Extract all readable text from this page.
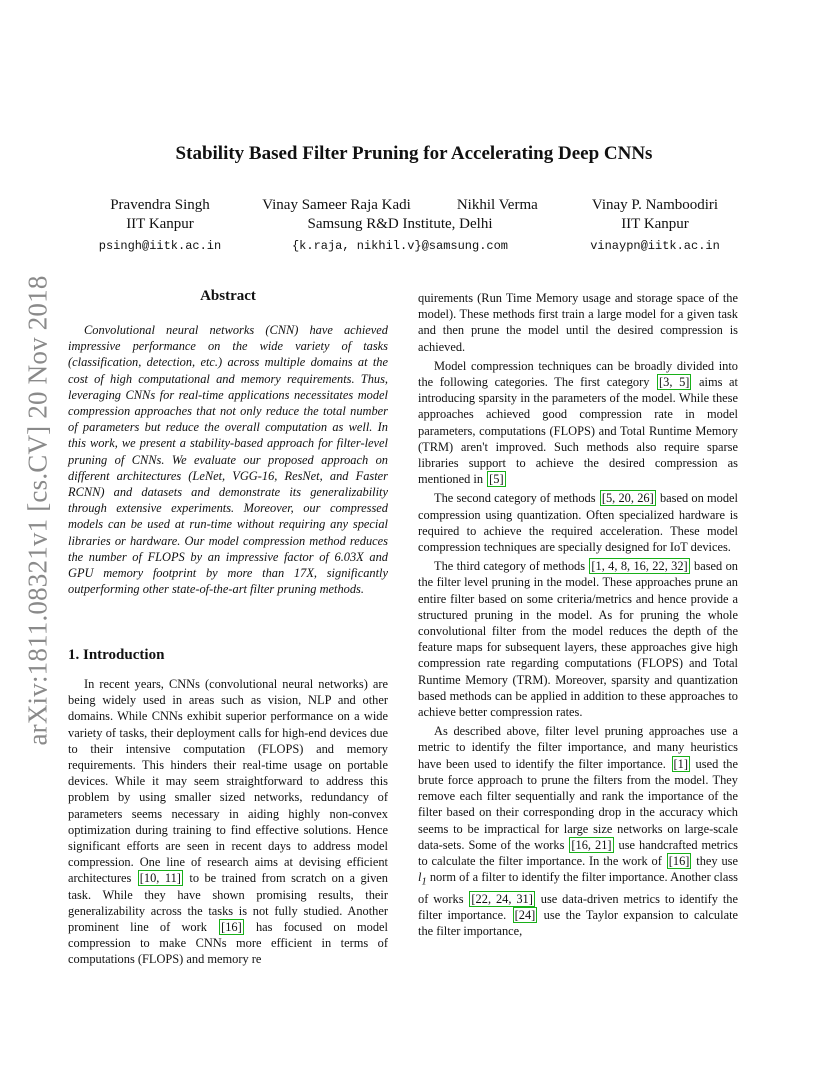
arXiv:1811.08321v1 [cs.CV] 20 Nov 2018
Stability Based Filter Pruning for Accelerating Deep CNNs
Pravendra Singh
IIT Kanpur
psingh@iitk.ac.in
Vinay Sameer Raja Kadi	Nikhil Verma
Samsung R&D Institute, Delhi
{k.raja, nikhil.v}@samsung.com
Vinay P. Namboodiri
IIT Kanpur
vinaypn@iitk.ac.in
Abstract

Convolutional neural networks (CNN) have achieved impressive performance on the wide variety of tasks (classification, detection, etc.) across multiple domains at the cost of high computational and memory requirements. Thus, leveraging CNNs for real-time applications necessitates model compression approaches that not only reduce the total number of parameters but reduce the overall computation as well. In this work, we present a stability-based approach for filter-level pruning of CNNs. We evaluate our proposed approach on different architectures (LeNet, VGG-16, ResNet, and Faster RCNN) and datasets and demonstrate its generalizability through extensive experiments. Moreover, our compressed models can be used at run-time without requiring any special libraries or hardware. Our model compression method reduces the number of FLOPS by an impressive factor of 6.03X and GPU memory footprint by more than 17X, significantly outperforming other state-of-the-art filter pruning methods.

1. Introduction

In recent years, CNNs (convolutional neural networks) are being widely used in areas such as vision, NLP and other domains. While CNNs exhibit superior performance on a wide variety of tasks, their deployment calls for high-end devices due to their intensive computation (FLOPS) and memory requirements. This hinders their real-time usage on portable devices. While it may seem straightforward to address this problem by using smaller sized networks, redundancy of parameters seems necessary in aiding highly non-convex optimization during training to find effective solutions. Hence significant efforts are seen in recent days to address model compression. One line of research aims at devising efficient architectures [10, 11] to be trained from scratch on a given task. While they have shown promising results, their generalizability across the tasks is not fully studied. Another prominent line of work [16] has focused on model compression to make CNNs more efficient in terms of computations (FLOPS) and memory re

quirements (Run Time Memory usage and storage space of the model). These methods first train a large model for a given task and then prune the model until the desired compression is achieved.

Model compression techniques can be broadly divided into the following categories. The first category [3, 5] aims at introducing sparsity in the parameters of the model. While these approaches achieved good compression rate in model parameters, computations (FLOPS) and Total Runtime Memory (TRM) aren't improved. Such methods also require sparse libraries support to achieve the desired compression as mentioned in [5]

The second category of methods [5, 20, 26] based on model compression using quantization. Often specialized hardware is required to achieve the required acceleration. These model compression techniques are specially designed for IoT devices.

The third category of methods [1, 4, 8, 16, 22, 32] based on the filter level pruning in the model. These approaches prune an entire filter based on some criteria/metrics and hence provide a structured pruning in the model. As for pruning the whole convolutional filter from the model reduces the depth of the feature maps for subsequent layers, these approaches give high compression rate regarding computations (FLOPS) and Total Runtime Memory (TRM). Moreover, sparsity and quantization based methods can be applied in addition to these approaches to achieve better compression rates.

As described above, filter level pruning approaches use a metric to identify the filter importance, and many heuristics have been used to identify the filter importance. [1] used the brute force approach to prune the filters from the model. They remove each filter sequentially and rank the importance of the filter based on their corresponding drop in the accuracy which seems to be impractical for large size networks on large-scale data-sets. Some of the works [16, 21] use handcrafted metrics to calculate the filter importance. In the work of [16] they use $l_1$ norm of a filter to identify the filter importance. Another class of works [22, 24, 31] use data-driven metrics to identify the filter importance. [24] use the Taylor expansion to calculate the filter importance,
